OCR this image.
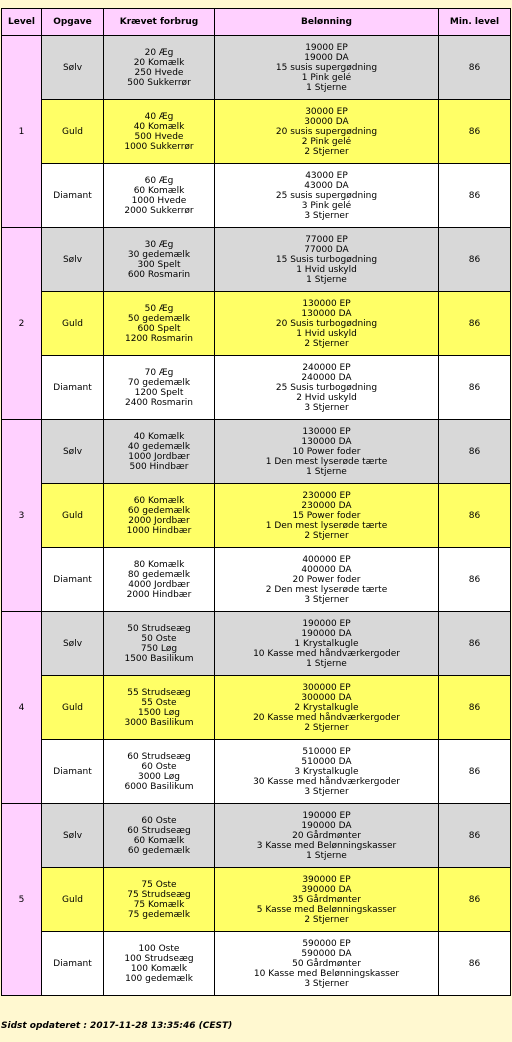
Level	Opgave	Krævet forbrug	Belønning	Min. level
1	Sølv	20 Æg
20 Komælk
250 Hvede
500 Sukkerrør	19000 EP
19000 DA
15 susis supergødning
1 Pink gelé
1 Stjerne	86
	Guld	40 Æg
40 Komælk
500 Hvede
1000 Sukkerrør	30000 EP
30000 DA
20 susis supergødning
2 Pink gelé
2 Stjerner	86
	Diamant	60 Æg
60 Komælk
1000 Hvede
2000 Sukkerrør	43000 EP
43000 DA
25 susis supergødning
3 Pink gelé
3 Stjerner	86
2	Sølv	30 Æg
30 gedemælk
300 Spelt
600 Rosmarin	77000 EP
77000 DA
15 Susis turbogødning
1 Hvid uskyld
1 Stjerne	86
	Guld	50 Æg
50 gedemælk
600 Spelt
1200 Rosmarin	130000 EP
130000 DA
20 Susis turbogødning
1 Hvid uskyld
2 Stjerner	86
	Diamant	70 Æg
70 gedemælk
1200 Spelt
2400 Rosmarin	240000 EP
240000 DA
25 Susis turbogødning
2 Hvid uskyld
3 Stjerner	86
3	Sølv	40 Komælk
40 gedemælk
1000 Jordbær
500 Hindbær	130000 EP
130000 DA
10 Power foder
1 Den mest lyserøde tærte
1 Stjerne	86
	Guld	60 Komælk
60 gedemælk
2000 Jordbær
1000 Hindbær	230000 EP
230000 DA
15 Power foder
1 Den mest lyserøde tærte
2 Stjerner	86
	Diamant	80 Komælk
80 gedemælk
4000 Jordbær
2000 Hindbær	400000 EP
400000 DA
20 Power foder
2 Den mest lyserøde tærte
3 Stjerner	86
4	Sølv	50 Strudseæg
50 Oste
750 Løg
1500 Basilikum	190000 EP
190000 DA
1 Krystalkugle
10 Kasse med håndværkergoder
1 Stjerne	86
	Guld	55 Strudseæg
55 Oste
1500 Løg
3000 Basilikum	300000 EP
300000 DA
2 Krystalkugle
20 Kasse med håndværkergoder
2 Stjerner	86
	Diamant	60 Strudseæg
60 Oste
3000 Løg
6000 Basilikum	510000 EP
510000 DA
3 Krystalkugle
30 Kasse med håndværkergoder
3 Stjerner	86
5	Sølv	60 Oste
60 Strudseæg
60 Komælk
60 gedemælk	190000 EP
190000 DA
20 Gårdmønter
3 Kasse med Belønningskasser
1 Stjerne	86
	Guld	75 Oste
75 Strudseæg
75 Komælk
75 gedemælk	390000 EP
390000 DA
35 Gårdmønter
5 Kasse med Belønningskasser
2 Stjerner	86
	Diamant	100 Oste
100 Strudseæg
100 Komælk
100 gedemælk	590000 EP
590000 DA
50 Gårdmønter
10 Kasse med Belønningskasser
3 Stjerner	86
Sidst opdateret : 2017-11-28 13:35:46 (CEST)
